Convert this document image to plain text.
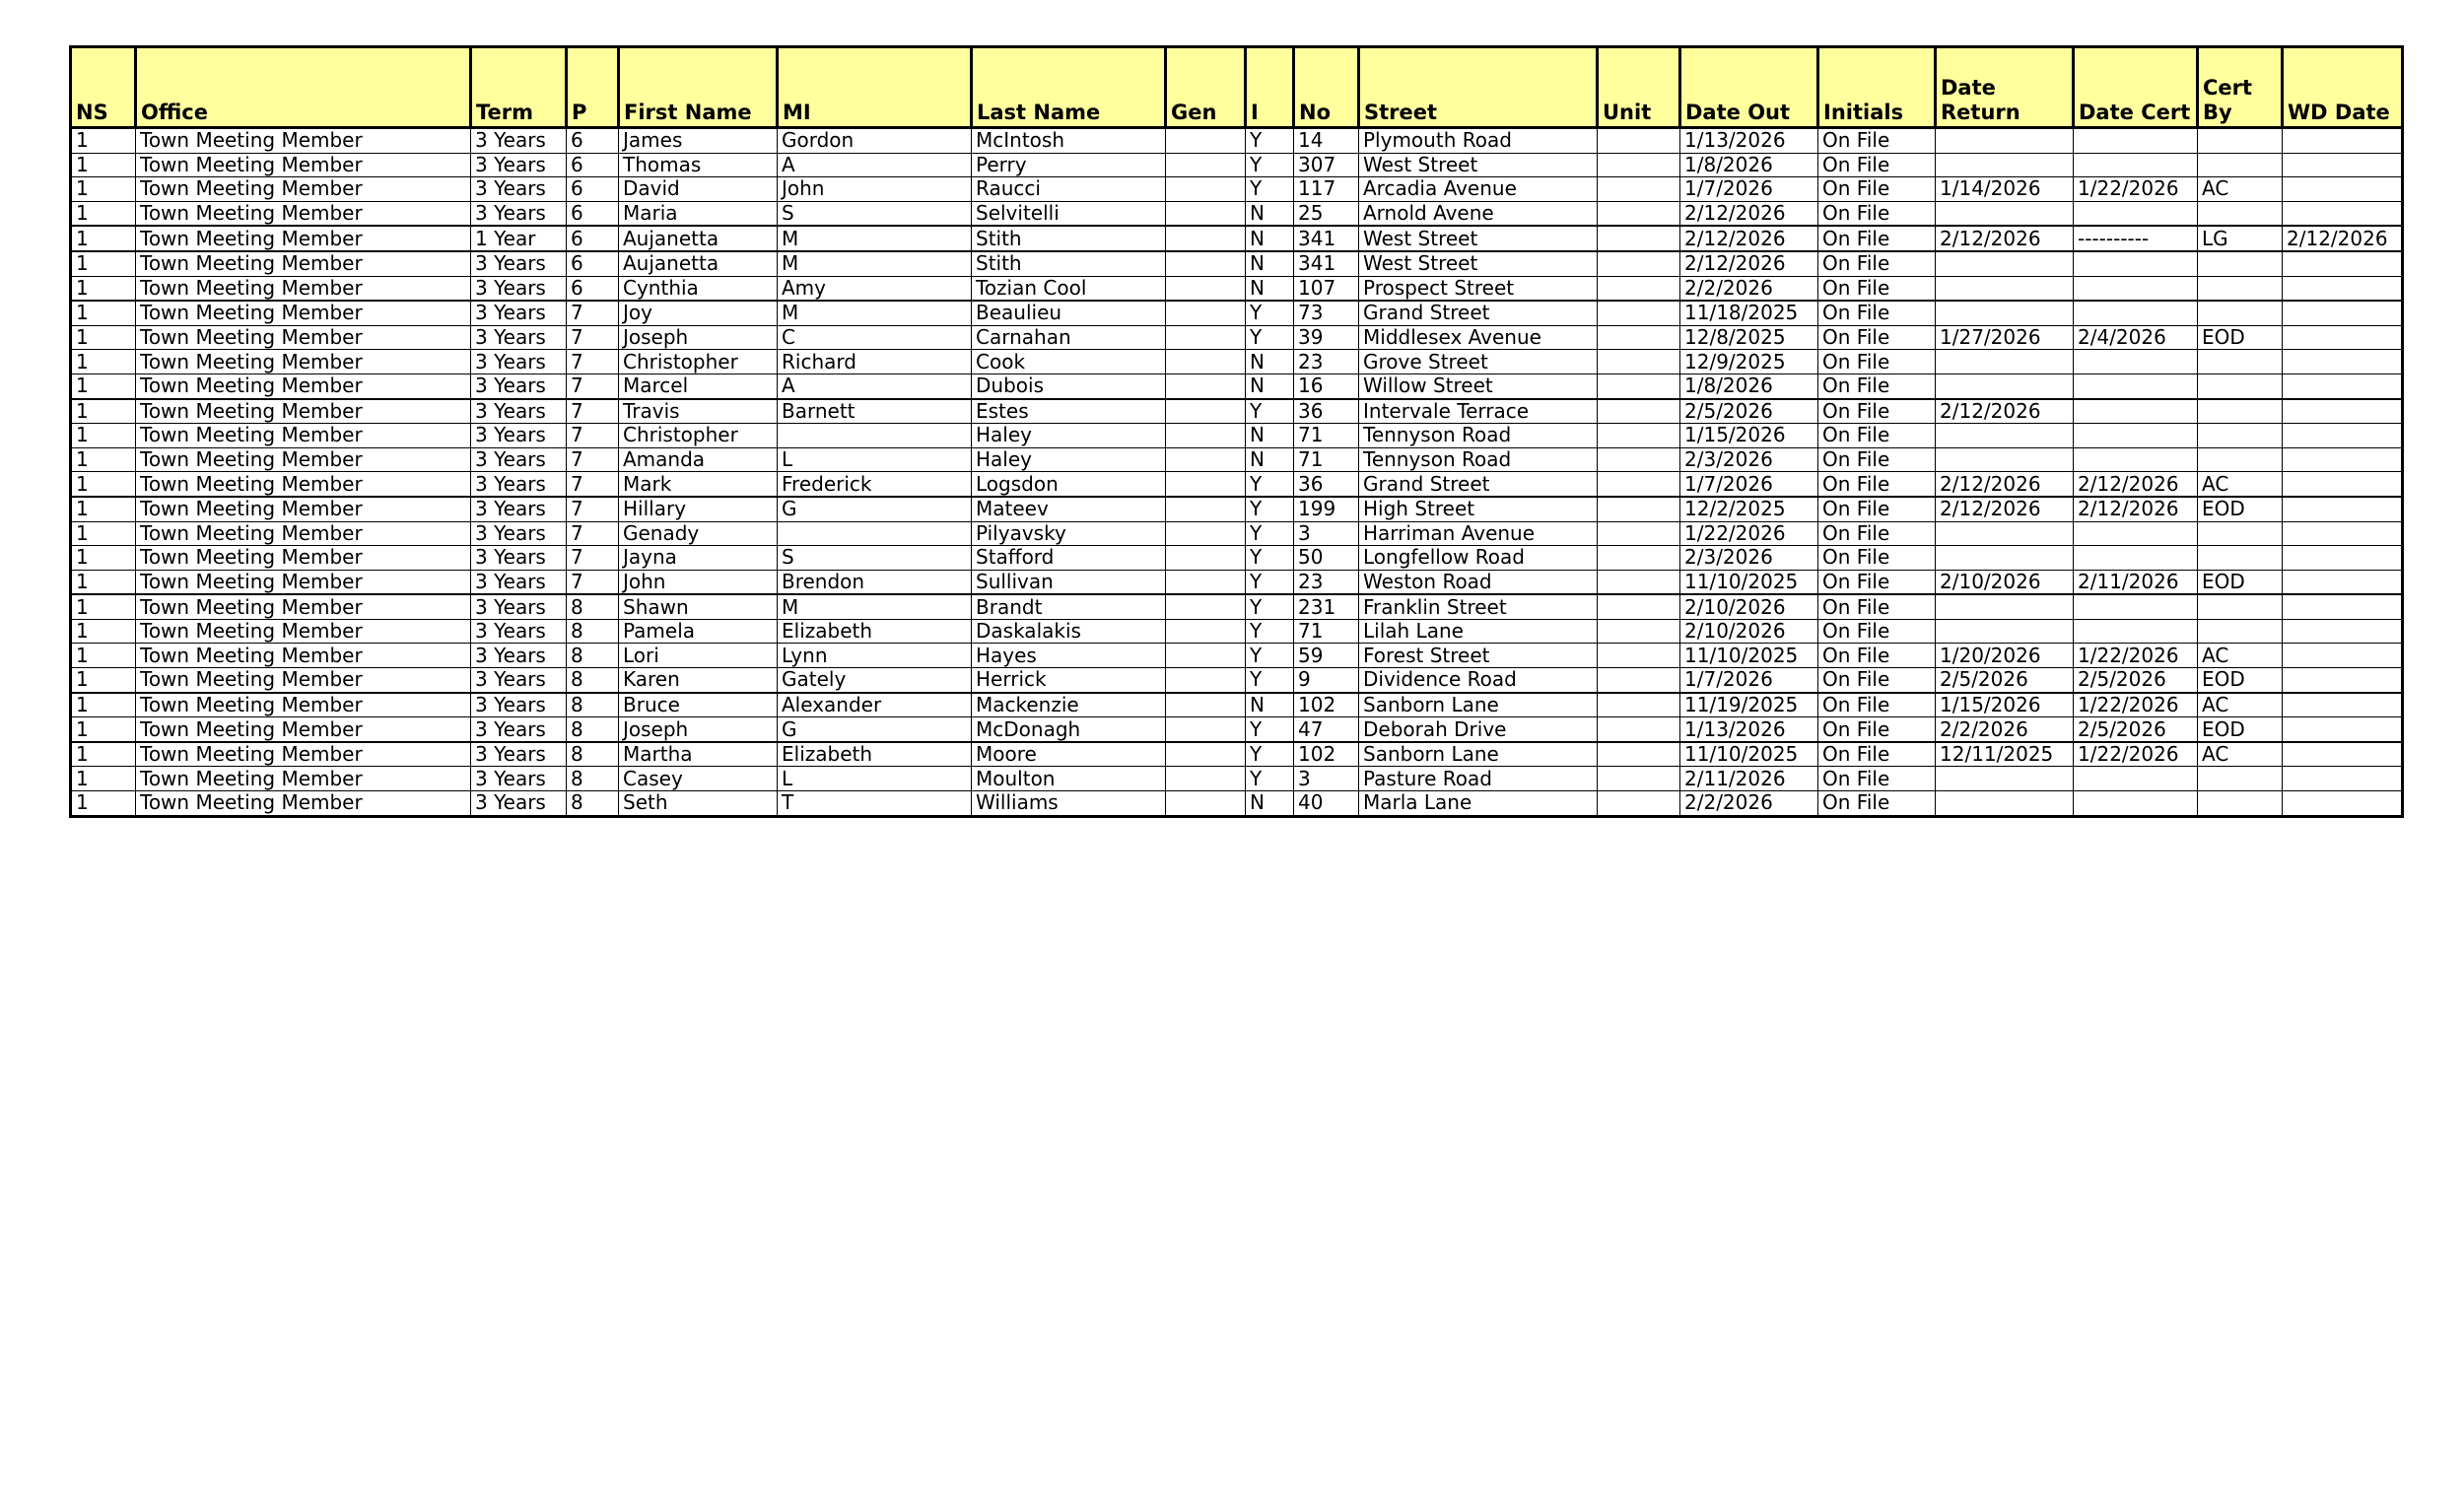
NS	Office	Term	P	First Name	MI	Last Name	Gen	I	No	Street	Unit	Date Out	Initials	Date Return	Date Cert	Cert By	WD Date
1	Town Meeting Member	3 Years	6	James	Gordon	McIntosh		Y	14	Plymouth Road		1/13/2026	On File				
1	Town Meeting Member	3 Years	6	Thomas	A	Perry		Y	307	West Street		1/8/2026	On File				
1	Town Meeting Member	3 Years	6	David	John	Raucci		Y	117	Arcadia Avenue		1/7/2026	On File	1/14/2026	1/22/2026	AC	
1	Town Meeting Member	3 Years	6	Maria	S	Selvitelli		N	25	Arnold Avene		2/12/2026	On File				
1	Town Meeting Member	1 Year	6	Aujanetta	M	Stith		N	341	West Street		2/12/2026	On File	2/12/2026	----------	LG	2/12/2026
1	Town Meeting Member	3 Years	6	Aujanetta	M	Stith		N	341	West Street		2/12/2026	On File				
1	Town Meeting Member	3 Years	6	Cynthia	Amy	Tozian Cool		N	107	Prospect Street		2/2/2026	On File				
1	Town Meeting Member	3 Years	7	Joy	M	Beaulieu		Y	73	Grand Street		11/18/2025	On File				
1	Town Meeting Member	3 Years	7	Joseph	C	Carnahan		Y	39	Middlesex Avenue		12/8/2025	On File	1/27/2026	2/4/2026	EOD	
1	Town Meeting Member	3 Years	7	Christopher	Richard	Cook		N	23	Grove Street		12/9/2025	On File				
1	Town Meeting Member	3 Years	7	Marcel	A	Dubois		N	16	Willow Street		1/8/2026	On File				
1	Town Meeting Member	3 Years	7	Travis	Barnett	Estes		Y	36	Intervale Terrace		2/5/2026	On File	2/12/2026			
1	Town Meeting Member	3 Years	7	Christopher		Haley		N	71	Tennyson Road		1/15/2026	On File				
1	Town Meeting Member	3 Years	7	Amanda	L	Haley		N	71	Tennyson Road		2/3/2026	On File				
1	Town Meeting Member	3 Years	7	Mark	Frederick	Logsdon		Y	36	Grand Street		1/7/2026	On File	2/12/2026	2/12/2026	AC	
1	Town Meeting Member	3 Years	7	Hillary	G	Mateev		Y	199	High Street		12/2/2025	On File	2/12/2026	2/12/2026	EOD	
1	Town Meeting Member	3 Years	7	Genady		Pilyavsky		Y	3	Harriman Avenue		1/22/2026	On File				
1	Town Meeting Member	3 Years	7	Jayna	S	Stafford		Y	50	Longfellow Road		2/3/2026	On File				
1	Town Meeting Member	3 Years	7	John	Brendon	Sullivan		Y	23	Weston Road		11/10/2025	On File	2/10/2026	2/11/2026	EOD	
1	Town Meeting Member	3 Years	8	Shawn	M	Brandt		Y	231	Franklin Street		2/10/2026	On File				
1	Town Meeting Member	3 Years	8	Pamela	Elizabeth	Daskalakis		Y	71	Lilah Lane		2/10/2026	On File				
1	Town Meeting Member	3 Years	8	Lori	Lynn	Hayes		Y	59	Forest Street		11/10/2025	On File	1/20/2026	1/22/2026	AC	
1	Town Meeting Member	3 Years	8	Karen	Gately	Herrick		Y	9	Dividence Road		1/7/2026	On File	2/5/2026	2/5/2026	EOD	
1	Town Meeting Member	3 Years	8	Bruce	Alexander	Mackenzie		N	102	Sanborn Lane		11/19/2025	On File	1/15/2026	1/22/2026	AC	
1	Town Meeting Member	3 Years	8	Joseph	G	McDonagh		Y	47	Deborah Drive		1/13/2026	On File	2/2/2026	2/5/2026	EOD	
1	Town Meeting Member	3 Years	8	Martha	Elizabeth	Moore		Y	102	Sanborn Lane		11/10/2025	On File	12/11/2025	1/22/2026	AC	
1	Town Meeting Member	3 Years	8	Casey	L	Moulton		Y	3	Pasture Road		2/11/2026	On File				
1	Town Meeting Member	3 Years	8	Seth	T	Williams		N	40	Marla Lane		2/2/2026	On File				
